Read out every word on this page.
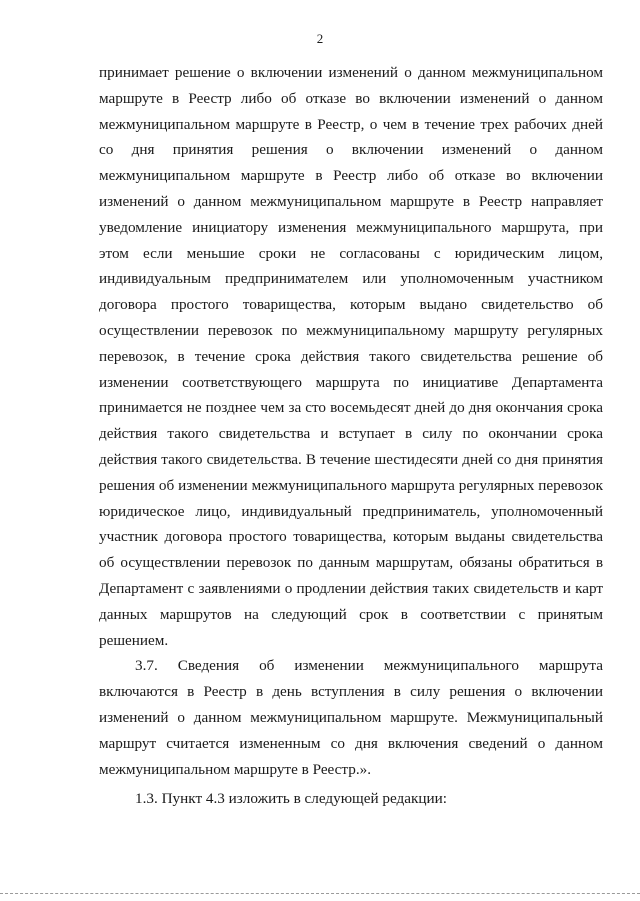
2

принимает решение о включении изменений о данном межмуниципальном маршруте в Реестр либо об отказе во включении изменений о данном межмуниципальном маршруте в Реестр, о чем в течение трех рабочих дней со дня принятия решения о включении изменений о данном межмуниципальном маршруте в Реестр либо об отказе во включении изменений о данном межмуниципальном маршруте в Реестр направляет уведомление инициатору изменения межмуниципального маршрута, при этом если меньшие сроки не согласованы с юридическим лицом, индивидуальным предпринимателем или уполномоченным участником договора простого товарищества, которым выдано свидетельство об осуществлении перевозок по межмуниципальному маршруту регулярных перевозок, в течение срока действия такого свидетельства решение об изменении соответствующего маршрута по инициативе Департамента принимается не позднее чем за сто восемьдесят дней до дня окончания срока действия такого свидетельства и вступает в силу по окончании срока действия такого свидетельства. В течение шестидесяти дней со дня принятия решения об изменении межмуниципального маршрута регулярных перевозок юридическое лицо, индивидуальный предприниматель, уполномоченный участник договора простого товарищества, которым выданы свидетельства об осуществлении перевозок по данным маршрутам, обязаны обратиться в Департамент с заявлениями о продлении действия таких свидетельств и карт данных маршрутов на следующий срок в соответствии с принятым решением.

3.7. Сведения об изменении межмуниципального маршрута включаются в Реестр в день вступления в силу решения о включении изменений о данном межмуниципальном маршруте. Межмуниципальный маршрут считается измененным со дня включения сведений о данном межмуниципальном маршруте в Реестр.».

1.3. Пункт 4.3 изложить в следующей редакции:
